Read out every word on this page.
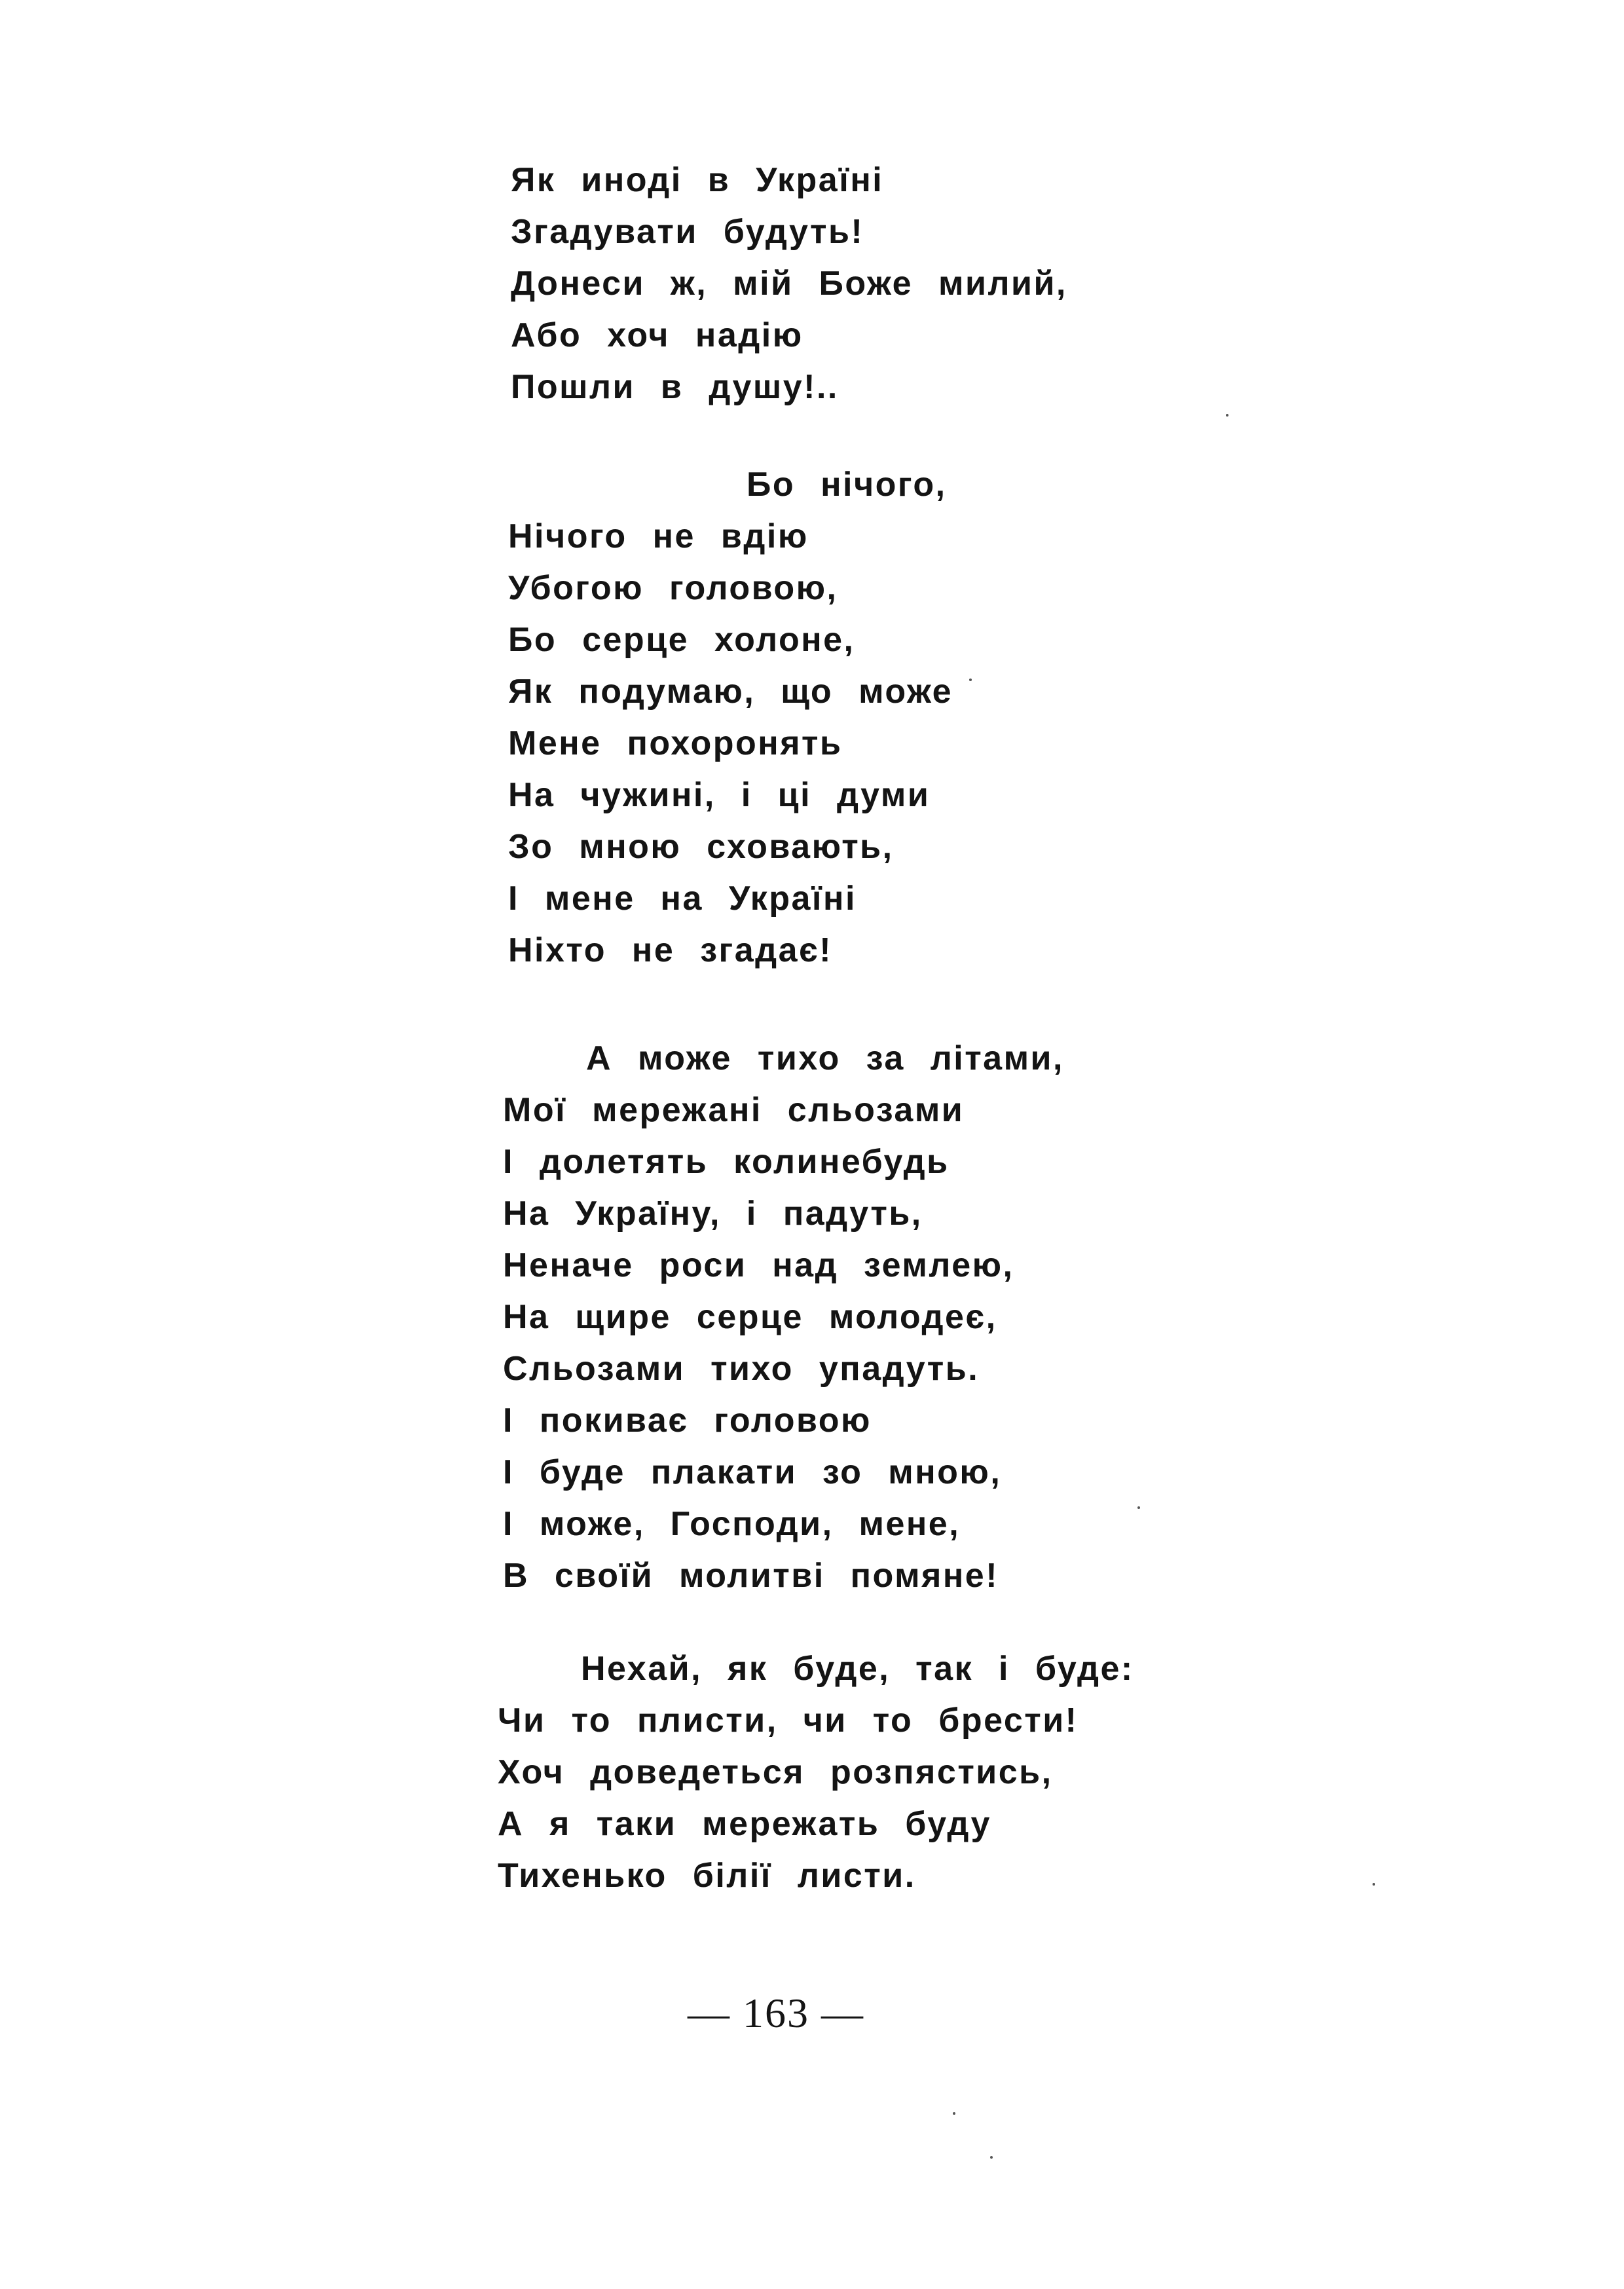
Як иноді в Україні
Згадувати будуть!
Донеси ж, мій Боже милий,
Або хоч надію
Пошли в душу!..
Бо нічого,
Нічого не вдію
Убогою головою,
Бо серце холоне,
Як подумаю, що може
Мене похоронять
На чужині, і ці думи
Зо мною сховають,
І мене на Україні
Ніхто не згадає!
А може тихо за літами,
Мої мережані сльозами
І долетять колинебудь
На Україну, і падуть,
Неначе роси над землею,
На щире серце молодеє,
Сльозами тихо упадуть.
І покиває головою
І буде плакати зо мною,
І може, Господи, мене,
В своїй молитві помяне!
Нехай, як буде, так і буде:
Чи то плисти, чи то брести!
Хоч доведеться розпястись,
А я таки мережать буду
Тихенько білії листи.
— 163 —
